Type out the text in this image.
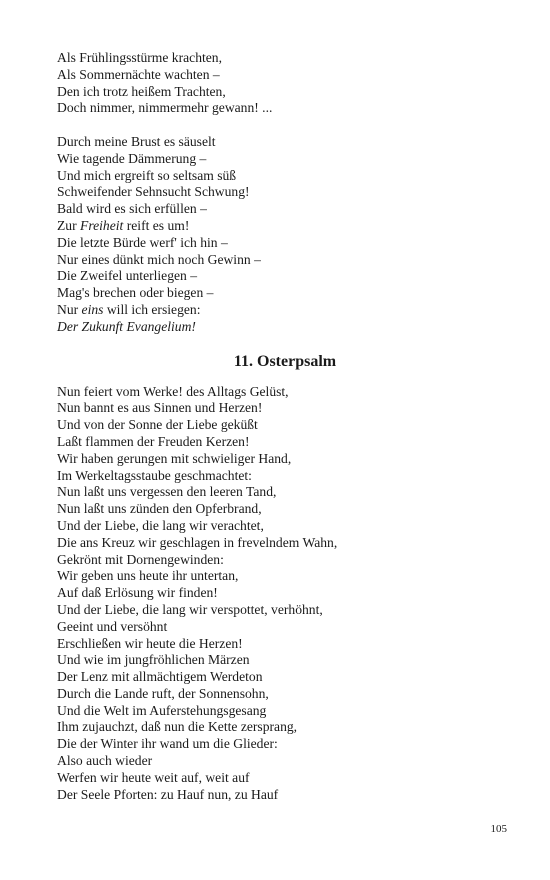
Als Frühlingsstürme krachten,
Als Sommernächte wachten –
Den ich trotz heißem Trachten,
Doch nimmer, nimmermehr gewann! ...
Durch meine Brust es säuselt
Wie tagende Dämmerung –
Und mich ergreift so seltsam süß
Schweifender Sehnsucht Schwung!
Bald wird es sich erfüllen –
Zur Freiheit reift es um!
Die letzte Bürde werf' ich hin –
Nur eines dünkt mich noch Gewinn –
Die Zweifel unterliegen –
Mag's brechen oder biegen –
Nur eins will ich ersiegen:
Der Zukunft Evangelium!
11. Osterpsalm
Nun feiert vom Werke! des Alltags Gelüst,
Nun bannt es aus Sinnen und Herzen!
Und von der Sonne der Liebe geküßt
Laßt flammen der Freuden Kerzen!
Wir haben gerungen mit schwieliger Hand,
Im Werkeltagsstaube geschmachtet:
Nun laßt uns vergessen den leeren Tand,
Nun laßt uns zünden den Opferbrand,
Und der Liebe, die lang wir verachtet,
Die ans Kreuz wir geschlagen in frevelndem Wahn,
Gekrönt mit Dornengewinden:
Wir geben uns heute ihr untertan,
Auf daß Erlösung wir finden!
Und der Liebe, die lang wir verspottet, verhöhnt,
Geeint und versöhnt
Erschließen wir heute die Herzen!
Und wie im jungfröhlichen Märzen
Der Lenz mit allmächtigem Werdeton
Durch die Lande ruft, der Sonnensohn,
Und die Welt im Auferstehungsgesang
Ihm zujauchzt, daß nun die Kette zersprang,
Die der Winter ihr wand um die Glieder:
Also auch wieder
Werfen wir heute weit auf, weit auf
Der Seele Pforten: zu Hauf nun, zu Hauf
105
